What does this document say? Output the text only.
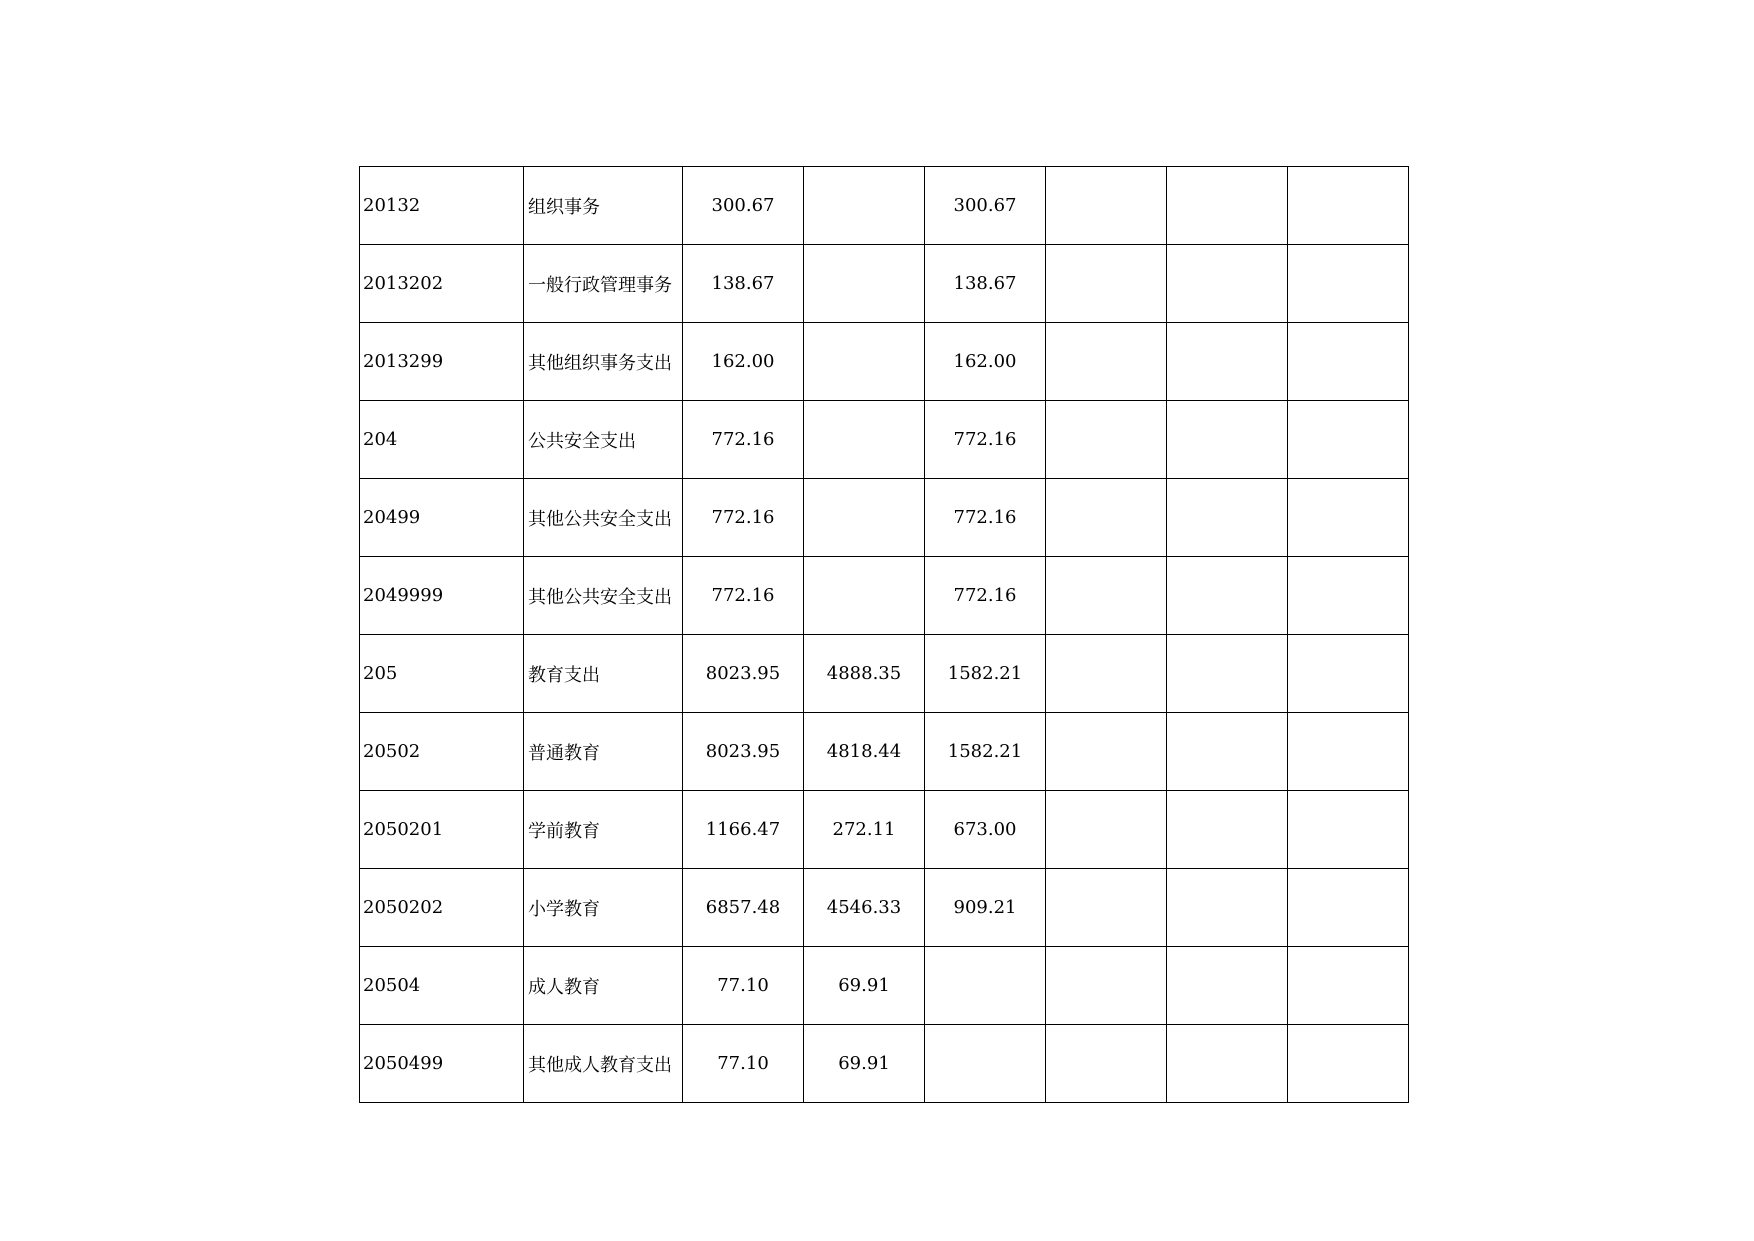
20132	组织事务	300.67		300.67			
2013202	一般行政管理事务	138.67		138.67			
2013299	其他组织事务支出	162.00		162.00			
204	公共安全支出	772.16		772.16			
20499	其他公共安全支出	772.16		772.16			
2049999	其他公共安全支出	772.16		772.16			
205	教育支出	8023.95	4888.35	1582.21			
20502	普通教育	8023.95	4818.44	1582.21			
2050201	学前教育	1166.47	272.11	673.00			
2050202	小学教育	6857.48	4546.33	909.21			
20504	成人教育	77.10	69.91				
2050499	其他成人教育支出	77.10	69.91				
